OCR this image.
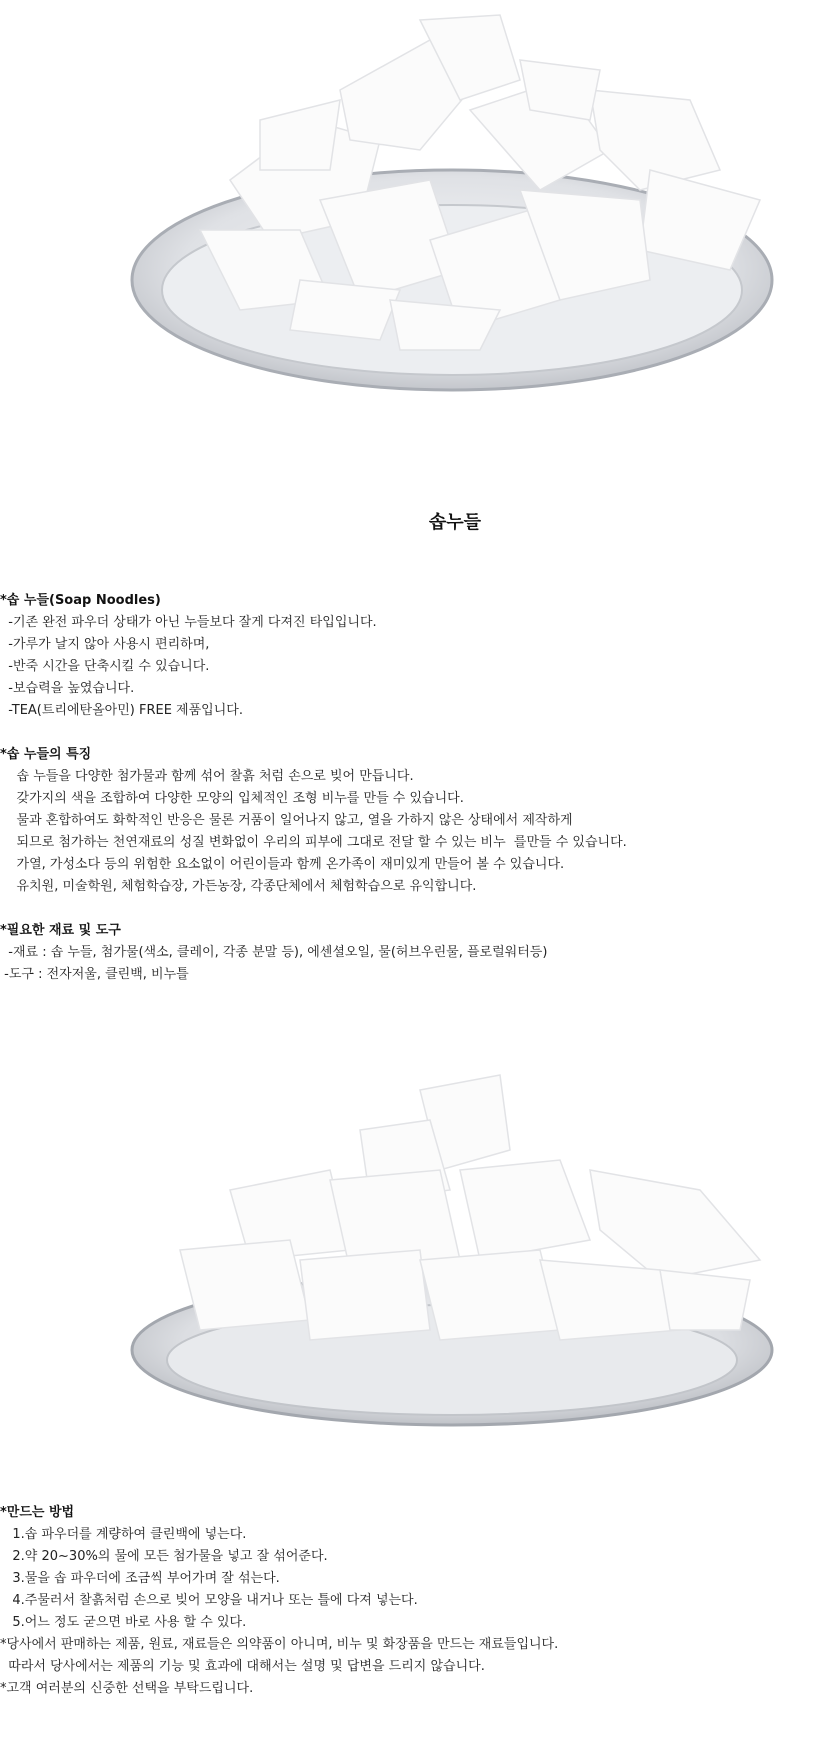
솝누들
*솝 누들(Soap Noodles)
-기존 완전 파우더 상태가 아닌 누들보다 잘게 다져진 타입입니다.
-가루가 날지 않아 사용시 편리하며,
-반죽 시간을 단축시킬 수 있습니다.
-보습력을 높였습니다.
-TEA(트리에탄올아민) FREE 제품입니다.
*솝 누들의 특징
솝 누들을 다양한 첨가물과 함께 섞어 찰흙 처럼 손으로 빚어 만듭니다.
갖가지의 색을 조합하여 다양한 모양의 입체적인 조형 비누를 만들 수 있습니다.
물과 혼합하여도 화학적인 반응은 물론 거품이 일어나지 않고, 열을 가하지 않은 상태에서 제작하게
되므로 첨가하는 천연재료의 성질 변화없이 우리의 피부에 그대로 전달 할 수 있는 비누  를만들 수 있습니다.
가열, 가성소다 등의 위험한 요소없이 어린이들과 함께 온가족이 재미있게 만들어 볼 수 있습니다.
유치원, 미술학원, 체험학습장, 가든농장, 각종단체에서 체험학습으로 유익합니다.
*필요한 재료 및 도구
-재료 : 솝 누들, 첨가물(색소, 클레이, 각종 분말 등), 에센셜오일, 물(허브우린물, 플로럴워터등)
-도구 : 전자저울, 클린백, 비누틀
*만드는 방법
1.솝 파우더를 계량하여 클린백에 넣는다.
2.약 20~30%의 물에 모든 첨가물을 넣고 잘 섞어준다.
3.물을 솝 파우더에 조금씩 부어가며 잘 섞는다.
4.주물러서 찰흙처럼 손으로 빚어 모양을 내거나 또는 틀에 다져 넣는다.
5.어느 정도 굳으면 바로 사용 할 수 있다.
*당사에서 판매하는 제품, 원료, 재료들은 의약품이 아니며, 비누 및 화장품을 만드는 재료들입니다.
따라서 당사에서는 제품의 기능 및 효과에 대해서는 설명 및 답변을 드리지 않습니다.
*고객 여러분의 신중한 선택을 부탁드립니다.
